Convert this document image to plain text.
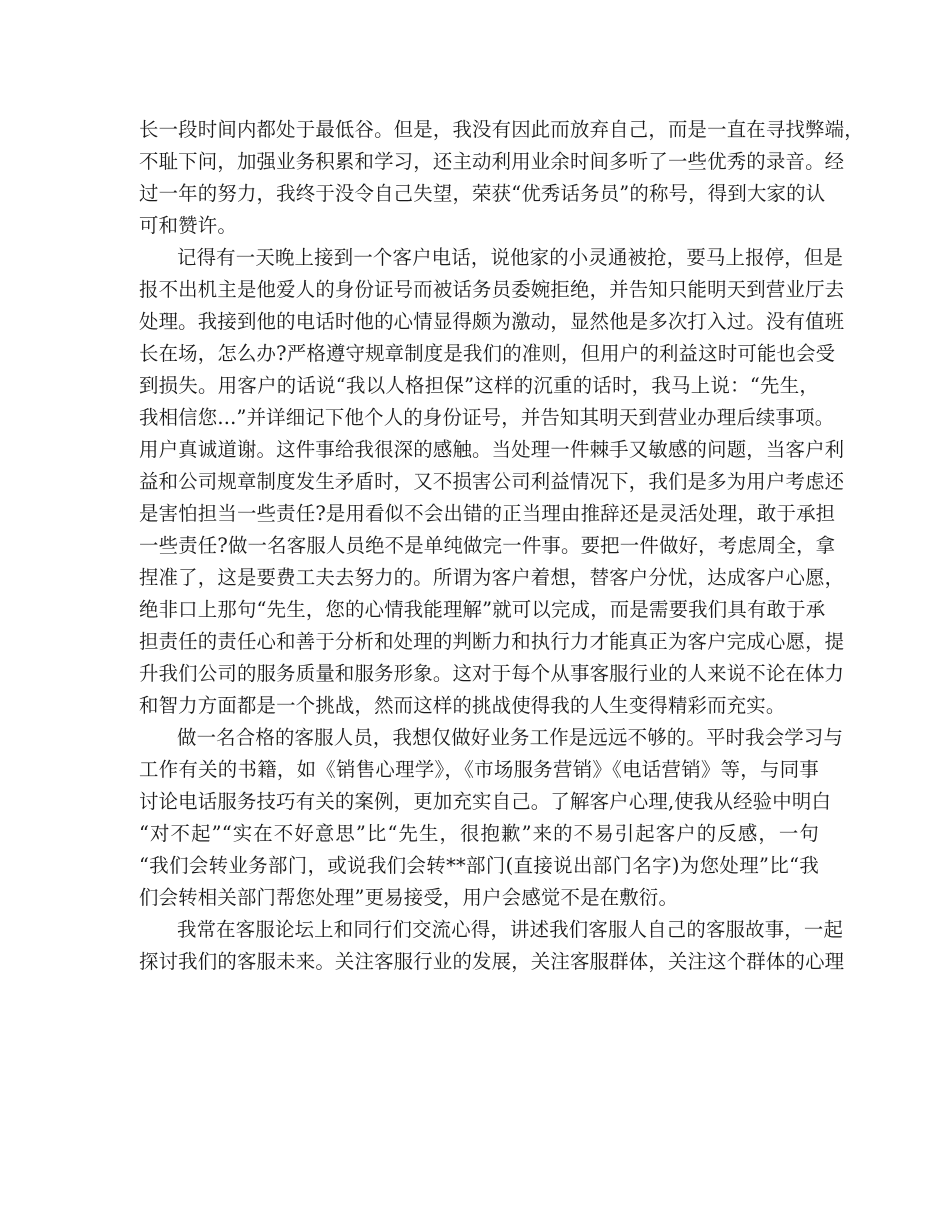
长一段时间内都处于最低谷。但是，我没有因此而放弃自己，而是一直在寻找弊端，
不耻下问，加强业务积累和学习，还主动利用业余时间多听了一些优秀的录音。经
过一年的努力，我终于没令自己失望，荣获“优秀话务员”的称号，得到大家的认
可和赞许。
记得有一天晚上接到一个客户电话，说他家的小灵通被抢，要马上报停，但是
报不出机主是他爱人的身份证号而被话务员委婉拒绝，并告知只能明天到营业厅去
处理。我接到他的电话时他的心情显得颇为激动，显然他是多次打入过。没有值班
长在场，怎么办?严格遵守规章制度是我们的准则，但用户的利益这时可能也会受
到损失。用客户的话说“我以人格担保”这样的沉重的话时，我马上说：“先生，
我相信您...”并详细记下他个人的身份证号，并告知其明天到营业办理后续事项。
用户真诚道谢。这件事给我很深的感触。当处理一件棘手又敏感的问题，当客户利
益和公司规章制度发生矛盾时，又不损害公司利益情况下，我们是多为用户考虑还
是害怕担当一些责任?是用看似不会出错的正当理由推辞还是灵活处理，敢于承担
一些责任?做一名客服人员绝不是单纯做完一件事。要把一件做好，考虑周全，拿
捏准了，这是要费工夫去努力的。所谓为客户着想，替客户分忧，达成客户心愿，
绝非口上那句“先生，您的心情我能理解”就可以完成，而是需要我们具有敢于承
担责任的责任心和善于分析和处理的判断力和执行力才能真正为客户完成心愿，提
升我们公司的服务质量和服务形象。这对于每个从事客服行业的人来说不论在体力
和智力方面都是一个挑战，然而这样的挑战使得我的人生变得精彩而充实。
做一名合格的客服人员，我想仅做好业务工作是远远不够的。平时我会学习与
工作有关的书籍，如《销售心理学》，《市场服务营销》《电话营销》等，与同事
讨论电话服务技巧有关的案例，更加充实自己。了解客户心理,使我从经验中明白
“对不起”“实在不好意思”比“先生，很抱歉”来的不易引起客户的反感，一句
“我们会转业务部门，或说我们会转**部门(直接说出部门名字)为您处理”比“我
们会转相关部门帮您处理”更易接受，用户会感觉不是在敷衍。
我常在客服论坛上和同行们交流心得，讲述我们客服人自己的客服故事，一起
探讨我们的客服未来。关注客服行业的发展，关注客服群体，关注这个群体的心理
